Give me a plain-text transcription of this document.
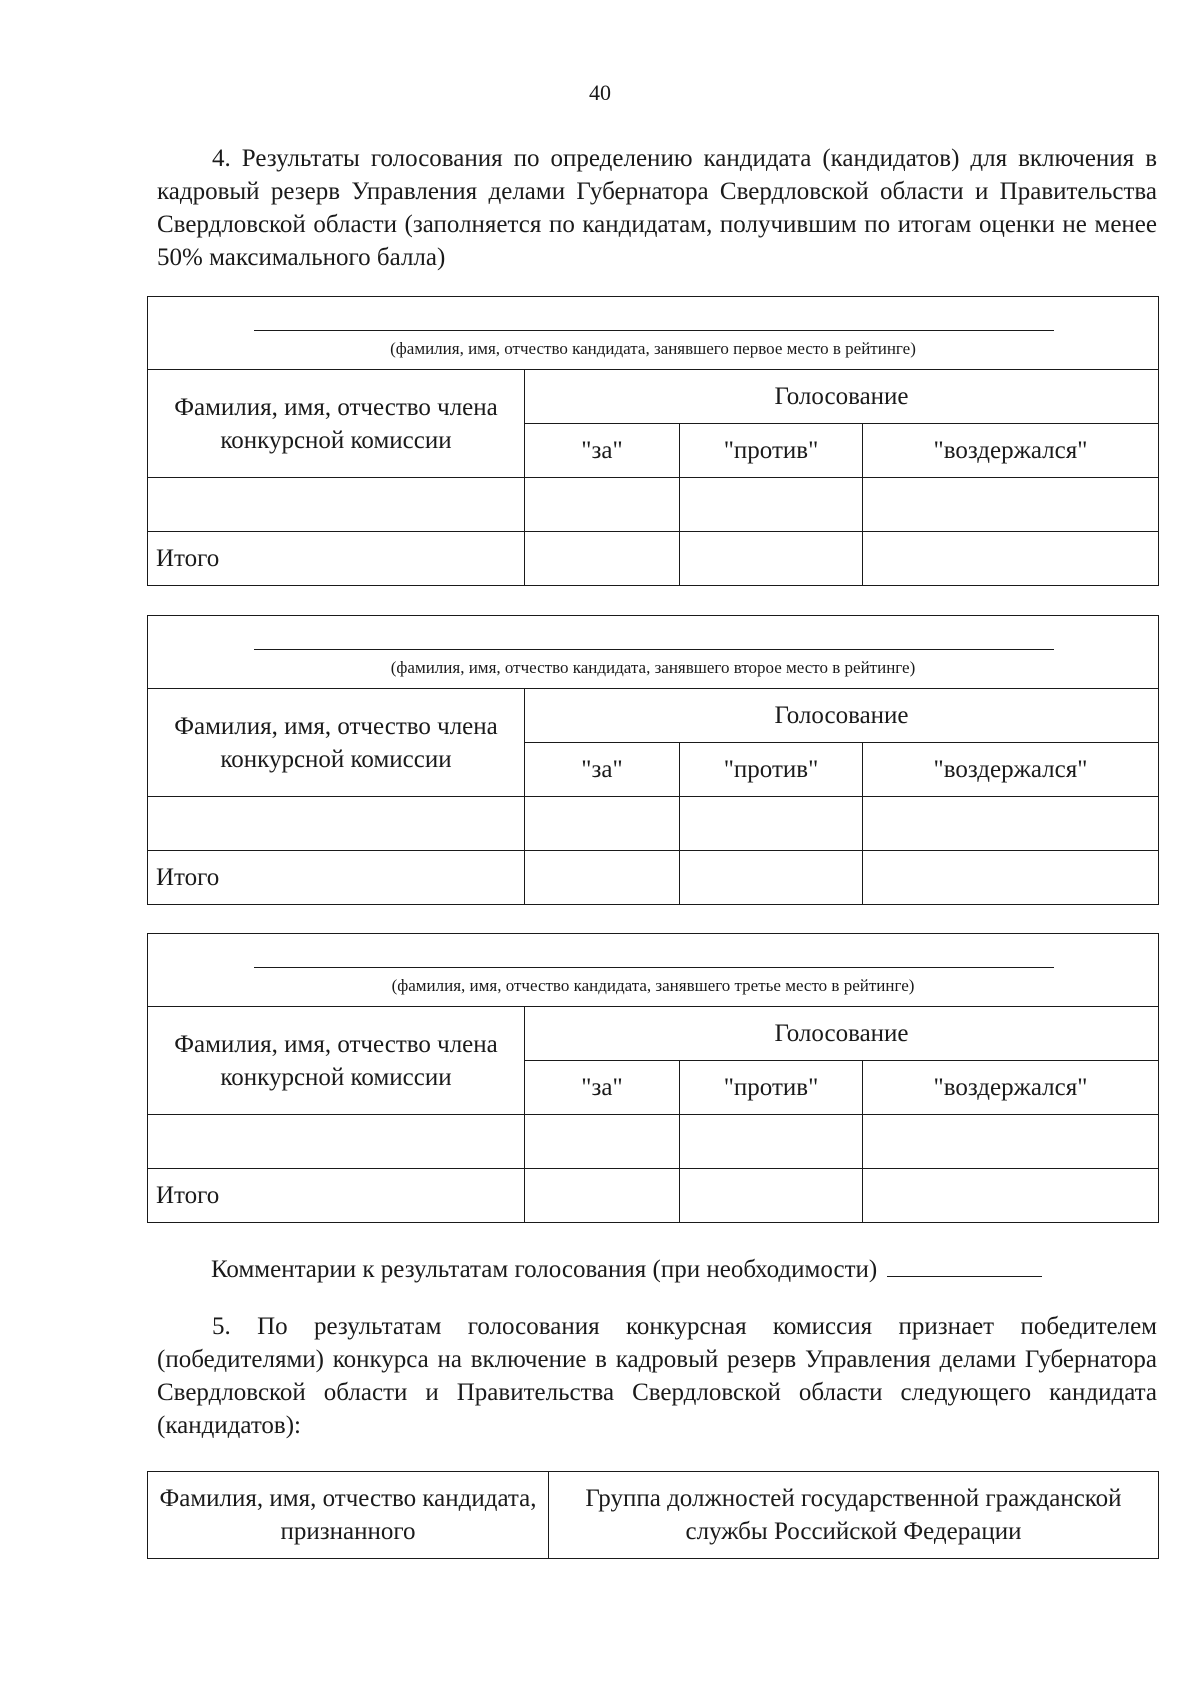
40
4. Результаты голосования по определению кандидата (кандидатов) для включения в кадровый резерв Управления делами Губернатора Свердловской области и Правительства Свердловской области (заполняется по кандидатам, получившим по итогам оценки не менее 50% максимального балла)
(фамилия, имя, отчество кандидата, занявшего первое место в рейтинге)			

Фамилия, имя, отчество члена конкурсной комиссии	Голосование		
	"за"	"против"	"воздержался"

Итого			
(фамилия, имя, отчество кандидата, занявшего второе место в рейтинге)			

Фамилия, имя, отчество члена конкурсной комиссии	Голосование		
	"за"	"против"	"воздержался"

Итого			
(фамилия, имя, отчество кандидата, занявшего третье место в рейтинге)			

Фамилия, имя, отчество члена конкурсной комиссии	Голосование		
	"за"	"против"	"воздержался"

Итого			
Комментарии к результатам голосования (при необходимости)
5. По результатам голосования конкурсная комиссия признает победителем (победителями) конкурса на включение в кадровый резерв Управления делами Губернатора Свердловской области и Правительства Свердловской области следующего кандидата (кандидатов):
Фамилия, имя, отчество кандидата, признанного	Группа должностей государственной гражданской службы Российской Федерации
